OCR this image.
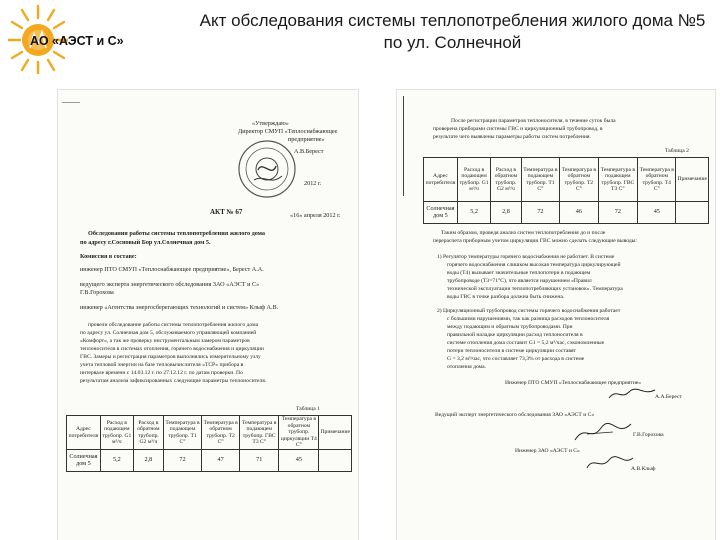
АО «АЭСТ и С»
Акт обследования системы теплопотребления жилого дома №5
по ул. Солнечной
«Утверждаю»
Директор СМУП «Теплоснабжающее
предприятие»
А.В.Берест
2012 г.
АКТ № 67	«16» апреля 2012 г.
Обследования работы системы теплопотребления жилого дома
по адресу г.Сосновый Бор ул.Солнечная дом 5.
Комиссия в составе:
инженер ПТО СМУП «Теплоснабжающее предприятие», Берест А.А.
ведущего эксперта энергетического обследования ЗАО «АЭСТ и С»
Г.В.Горохова
инженер «Агентства энергосберегающих технологий и систем» Клыф А.В.
провели обследование работы системы теплопотребления жилого дома
по адресу ул. Солнечная дом 5, обслуживаемого управляющей компанией
«Комфорт», а так же проверку инструментальным замером параметров
теплоносителя в системах отопления, горячего водоснабжения и циркуляции
ГВС. Замеры и регистрация параметров выполнялись измерительному узлу
учета тепловой энергии на базе тепловычислителя «ТСР» прибора в
интервале времени с 14.03.12 г. по 27.12.12 г. по датам проверки. По
результатам анализа зафиксированных следующие параметры теплоносителя.
Таблица 1
Адрес потребителя	Расход в подающем трубопр. G1 м³/ч	Расход в обратном трубопр. G2 м³/ч	Температура в подающем трубопр. Т1 С°	Температура в обратном трубопр. Т2 С°	Температура в подающем трубопр. ГВС Т3 С°	Температура в обратном трубопр. циркуляции Т4 С°	Примечание
Солнечная дом 5	5,2	2,8	72	47	71	45	
После регистрации параметров теплоносителя, в течение суток была
проверена приборами системы ГВС и циркуляционный трубопровод, в
результате чего выявлены параметры работы систем потребления.
Таблица 2
Адрес потребителя	Расход в подающем трубопр. G1 м³/ч	Расход в обратном трубопр. G2 м³/ч	Температура в подающем трубопр. Т1 С°	Температура в обратном трубопр. Т2 С°	Температура в подающем трубопр. ГВС Т3 С°	Температура в обратном трубопр. Т4 С°	Примечание
Солнечная дом 5	5,2	2,8	72	46	72	45	
Таким образом, проведя анализ систем теплопотребления до и после
перерасчета приборным учетом циркуляции ГВС можно сделать следующие выводы:
1) Регулятор температуры горячего водоснабжения не работает. В системе
горячего водоснабжения слишком высокая температура циркулирующей
воды (Т4) вызывает значительные теплопотери в подающем
трубопроводе (Т3=71°С), что является нарушением «Правил
технической эксплуатации теплопотребляющих установок». Температура
воды ГВС в точке разбора должна быть снижена.
2) Циркуляционный трубопровод системы горячего водоснабжения работает
с большими нарушениями, так как разница расходов теплоносителя
между подающим и обратным трубопроводами. При
правильной наладке циркуляции расход теплоносителя в
системе отопления дома составит G1 = 5,2 м³/час, сэкономленные
потери теплоносителя в системе циркуляции составят
G = 3,2 м³/час, что составляет 73,3% от расхода в системе
отопления дома.
Инженер ПТО СМУП «Теплоснабжающее предприятие»
А.А.Берест
Ведущий эксперт энергетического обследования ЗАО «АЭСТ и С»
Г.В.Горохова
Инженер ЗАО «АЭСТ и С»
А.В.Клыф
